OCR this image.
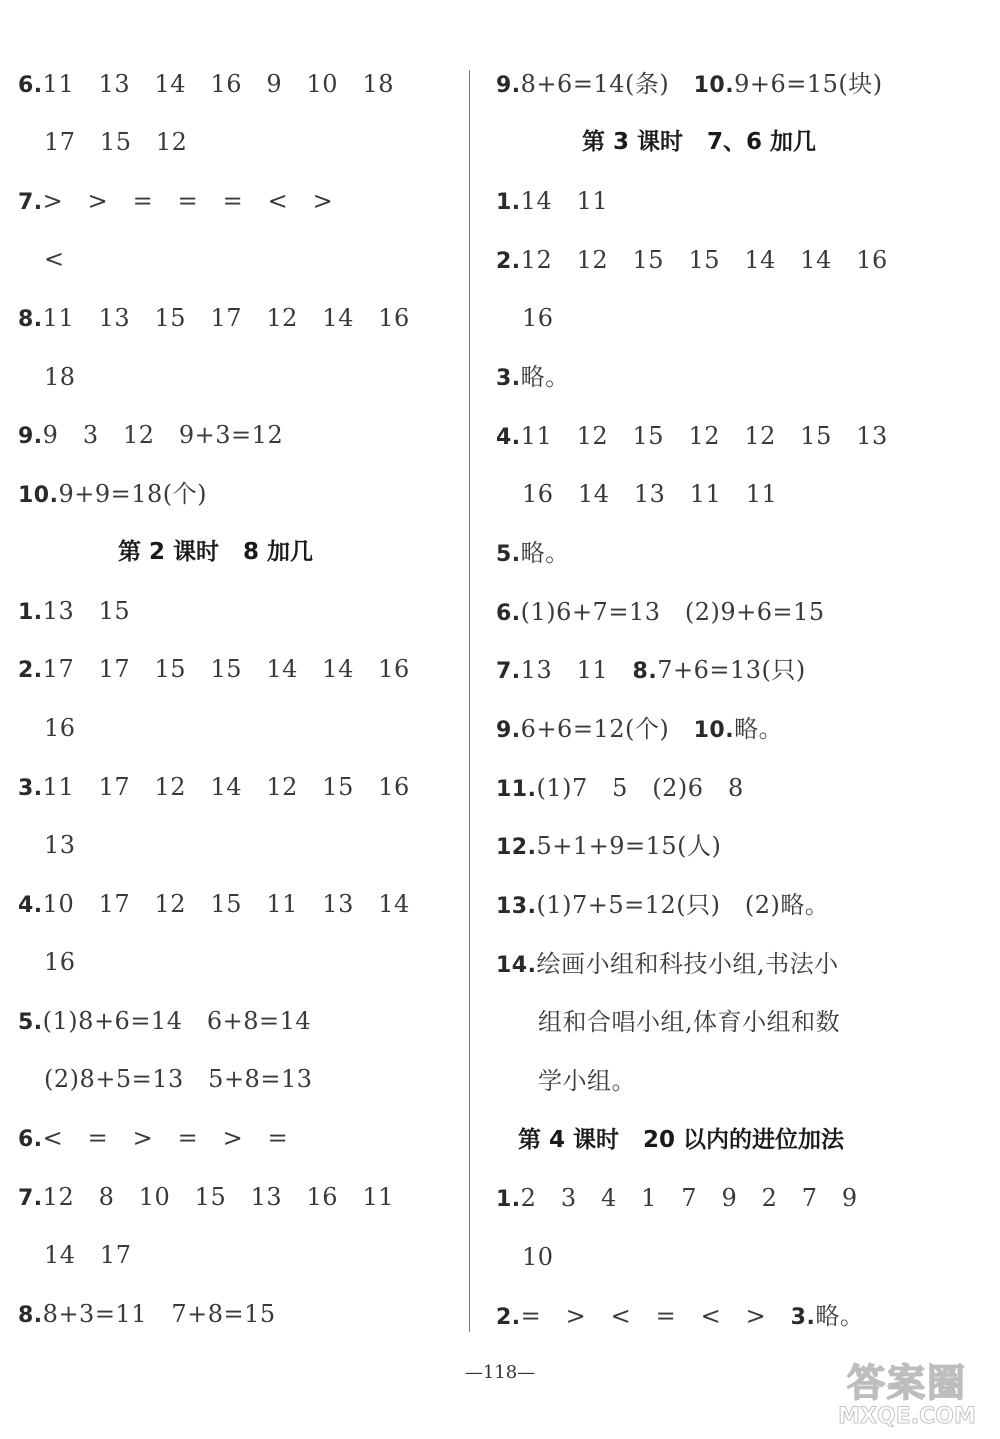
6.11   13   14   16   9   10   18
17   15   12
7.>   >   =   =   =   <   >
<
8.11   13   15   17   12   14   16
18
9.9   3   12   9+3=12
10.9+9=18(个)
第 2 课时   8 加几
1.13   15
2.17   17   15   15   14   14   16
16
3.11   17   12   14   12   15   16
13
4.10   17   12   15   11   13   14
16
5.(1)8+6=14   6+8=14
(2)8+5=13   5+8=13
6.<   =   >   =   >   =
7.12   8   10   15   13   16   11
14   17
8.8+3=11   7+8=15
9.8+6=14(条) 10.9+6=15(块)
第 3 课时   7、6 加几
1.14   11
2.12   12   15   15   14   14   16
16
3.略。
4.11   12   15   12   12   15   13
16   14   13   11   11
5.略。
6.(1)6+7=13   (2)9+6=15
7.13   11 8.7+6=13(只)
9.6+6=12(个) 10.略。
11.(1)7   5   (2)6   8
12.5+1+9=15(人)
13.(1)7+5=12(只)   (2)略。
14.绘画小组和科技小组,书法小
组和合唱小组,体育小组和数
学小组。
第 4 课时   20 以内的进位加法
1.2   3   4   1   7   9   2   7   9
10
2.=   >   <   =   <   > 3.略。
—118—	答案圈
MXQE.COM
